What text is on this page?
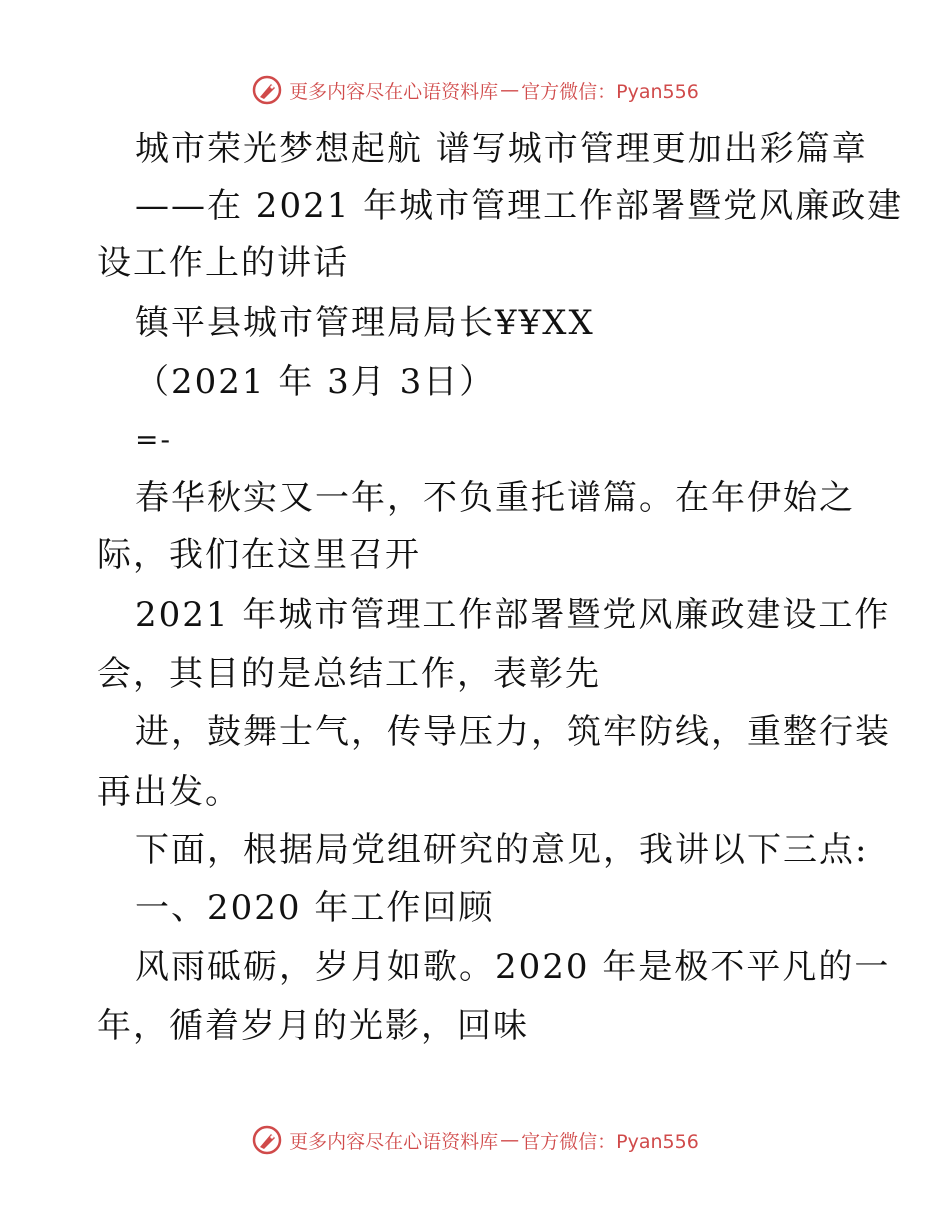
更多内容尽在心语资料库 — 官方微信：Pyan556
城市荣光梦想起航 谱写城市管理更加出彩篇章
——在 2021 年城市管理工作部署暨党风廉政建
设工作上的讲话
镇平县城市管理局局长¥¥XX
（2021 年 3月 3日）
=-
春华秋实又一年，不负重托谱篇。在年伊始之
际，我们在这里召开
2021 年城市管理工作部署暨党风廉政建设工作
会，其目的是总结工作，表彰先
进，鼓舞士气，传导压力，筑牢防线，重整行装
再出发。
下面，根据局党组研究的意见，我讲以下三点:
一、2020 年工作回顾
风雨砥砺，岁月如歌。2020 年是极不平凡的一
年，循着岁月的光影，回味
更多内容尽在心语资料库 — 官方微信：Pyan556
